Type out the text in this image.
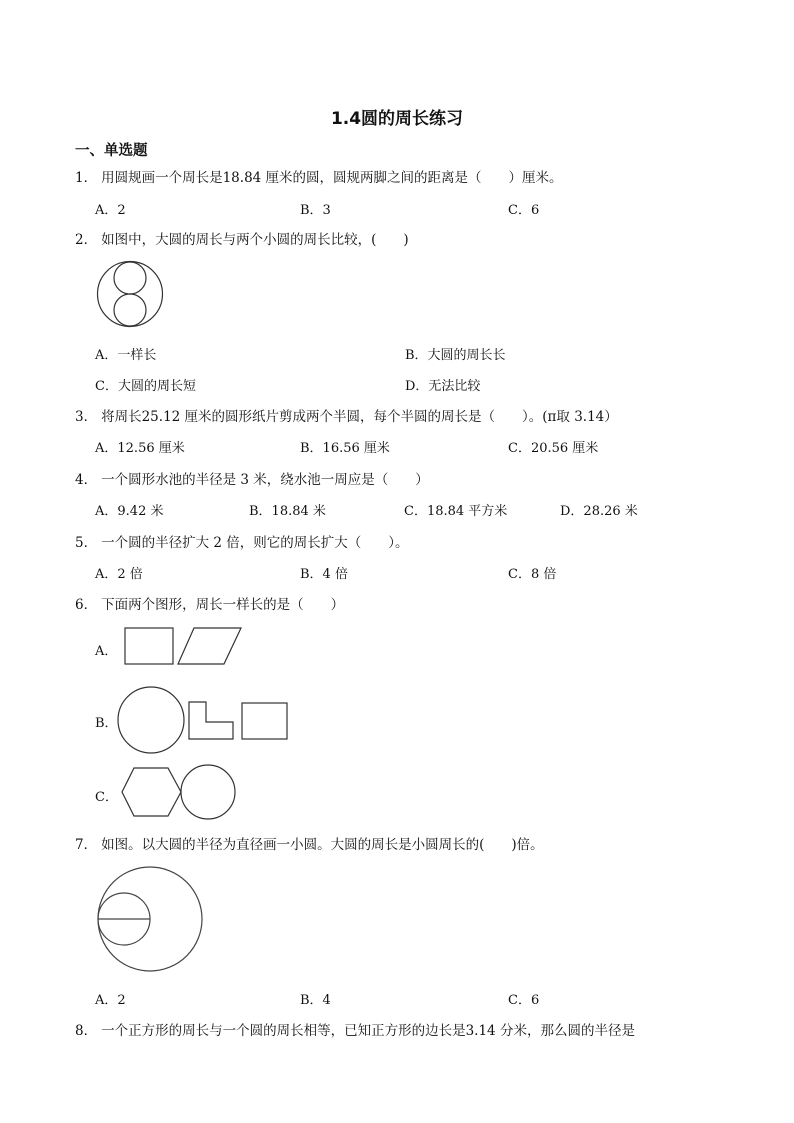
1.4圆的周长练习
一、单选题
1． 用圆规画一个周长是18.84 厘米的圆，圆规两脚之间的距离是（　　）厘米。
A．2	B．3	C．6
2． 如图中，大圆的周长与两个小圆的周长比较，(　　)
A．一样长	B．大圆的周长长
C．大圆的周长短	D．无法比较
3． 将周长25.12 厘米的圆形纸片剪成两个半圆，每个半圆的周长是（　　）。(π取 3.14）
A．12.56 厘米	B．16.56 厘米	C．20.56 厘米
4． 一个圆形水池的半径是 3 米，绕水池一周应是（　　）
A．9.42 米	B．18.84 米	C．18.84 平方米	D．28.26 米
5． 一个圆的半径扩大 2 倍，则它的周长扩大（　　）。
A．2 倍	B．4 倍	C．8 倍
6． 下面两个图形，周长一样长的是（　　）
A．
B．
C．
7． 如图。以大圆的半径为直径画一小圆。大圆的周长是小圆周长的(　　)倍。
A．2	B．4	C．6
8． 一个正方形的周长与一个圆的周长相等，已知正方形的边长是3.14 分米，那么圆的半径是
